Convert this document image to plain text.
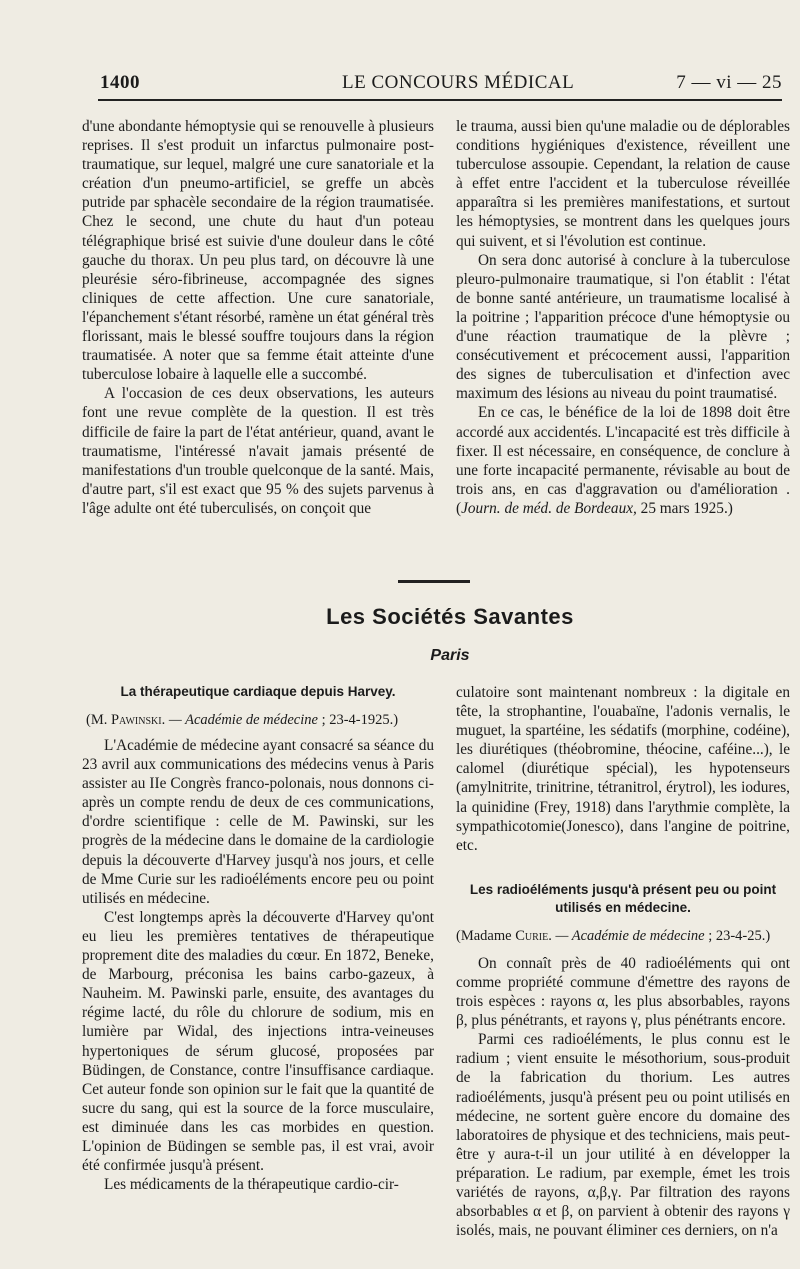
1400	LE CONCOURS MÉDICAL	7 — vi — 25

d'une abondante hémoptysie qui se renouvelle à plusieurs reprises. Il s'est produit un infarctus pulmonaire post-traumatique, sur lequel, malgré une cure sanatoriale et la création d'un pneumo-artificiel, se greffe un abcès putride par sphacèle secondaire de la région traumatisée. Chez le second, une chute du haut d'un poteau télégraphique brisé est suivie d'une douleur dans le côté gauche du thorax. Un peu plus tard, on découvre là une pleurésie séro-fibrineuse, accompagnée des signes cliniques de cette affection. Une cure sanatoriale, l'épanchement s'étant résorbé, ramène un état général très florissant, mais le blessé souffre toujours dans la région traumatisée. A noter que sa femme était atteinte d'une tuberculose lobaire à laquelle elle a succombé.

A l'occasion de ces deux observations, les auteurs font une revue complète de la question. Il est très difficile de faire la part de l'état antérieur, quand, avant le traumatisme, l'intéressé n'avait jamais présenté de manifestations d'un trouble quelconque de la santé. Mais, d'autre part, s'il est exact que 95 % des sujets parvenus à l'âge adulte ont été tuberculisés, on conçoit que

le trauma, aussi bien qu'une maladie ou de déplorables conditions hygiéniques d'existence, réveillent une tuberculose assoupie. Cependant, la relation de cause à effet entre l'accident et la tuberculose réveillée apparaîtra si les premières manifestations, et surtout les hémoptysies, se montrent dans les quelques jours qui suivent, et si l'évolution est continue.

On sera donc autorisé à conclure à la tuberculose pleuro-pulmonaire traumatique, si l'on établit : l'état de bonne santé antérieure, un traumatisme localisé à la poitrine ; l'apparition précoce d'une hémoptysie ou d'une réaction traumatique de la plèvre ; consécutivement et précocement aussi, l'apparition des signes de tuberculisation et d'infection avec maximum des lésions au niveau du point traumatisé.

En ce cas, le bénéfice de la loi de 1898 doit être accordé aux accidentés. L'incapacité est très difficile à fixer. Il est nécessaire, en conséquence, de conclure à une forte incapacité permanente, révisable au bout de trois ans, en cas d'aggravation ou d'amélioration . (Journ. de méd. de Bordeaux, 25 mars 1925.)

Les Sociétés Savantes
Paris
La thérapeutique cardiaque depuis Harvey.
(M. Pawinski. — Académie de médecine ; 23-4-1925.)

L'Académie de médecine ayant consacré sa séance du 23 avril aux communications des médecins venus à Paris assister au IIe Congrès franco-polonais, nous donnons ci-après un compte rendu de deux de ces communications, d'ordre scientifique : celle de M. Pawinski, sur les progrès de la médecine dans le domaine de la cardiologie depuis la découverte d'Harvey jusqu'à nos jours, et celle de Mme Curie sur les radioéléments encore peu ou point utilisés en médecine.

C'est longtemps après la découverte d'Harvey qu'ont eu lieu les premières tentatives de thérapeutique proprement dite des maladies du cœur. En 1872, Beneke, de Marbourg, préconisa les bains carbo-gazeux, à Nauheim. M. Pawinski parle, ensuite, des avantages du régime lacté, du rôle du chlorure de sodium, mis en lumière par Widal, des injections intra-veineuses hypertoniques de sérum glucosé, proposées par Büdingen, de Constance, contre l'insuffisance cardiaque. Cet auteur fonde son opinion sur le fait que la quantité de sucre du sang, qui est la source de la force musculaire, est diminuée dans les cas morbides en question. L'opinion de Büdingen se semble pas, il est vrai, avoir été confirmée jusqu'à présent.

Les médicaments de la thérapeutique cardio-cir-

culatoire sont maintenant nombreux : la digitale en tête, la strophantine, l'ouabaïne, l'adonis vernalis, le muguet, la spartéine, les sédatifs (morphine, codéine), les diurétiques (théobromine, théocine, caféine...), le calomel (diurétique spécial), les hypotenseurs (amylnitrite, trinitrine, tétranitrol, érytrol), les iodures, la quinidine (Frey, 1918) dans l'arythmie complète, la sympathicotomie(Jonesco), dans l'angine de poitrine, etc.

Les radioéléments jusqu'à présent peu ou point utilisés en médecine.
(Madame Curie. — Académie de médecine ; 23-4-25.)

On connaît près de 40 radioéléments qui ont comme propriété commune d'émettre des rayons de trois espèces : rayons α, les plus absorbables, rayons β, plus pénétrants, et rayons γ, plus pénétrants encore.

Parmi ces radioéléments, le plus connu est le radium ; vient ensuite le mésothorium, sous-produit de la fabrication du thorium. Les autres radioéléments, jusqu'à présent peu ou point utilisés en médecine, ne sortent guère encore du domaine des laboratoires de physique et des techniciens, mais peut-être y aura-t-il un jour utilité à en développer la préparation. Le radium, par exemple, émet les trois variétés de rayons, α,β,γ. Par filtration des rayons absorbables α et β, on parvient à obtenir des rayons γ isolés, mais, ne pouvant éliminer ces derniers, on n'a
